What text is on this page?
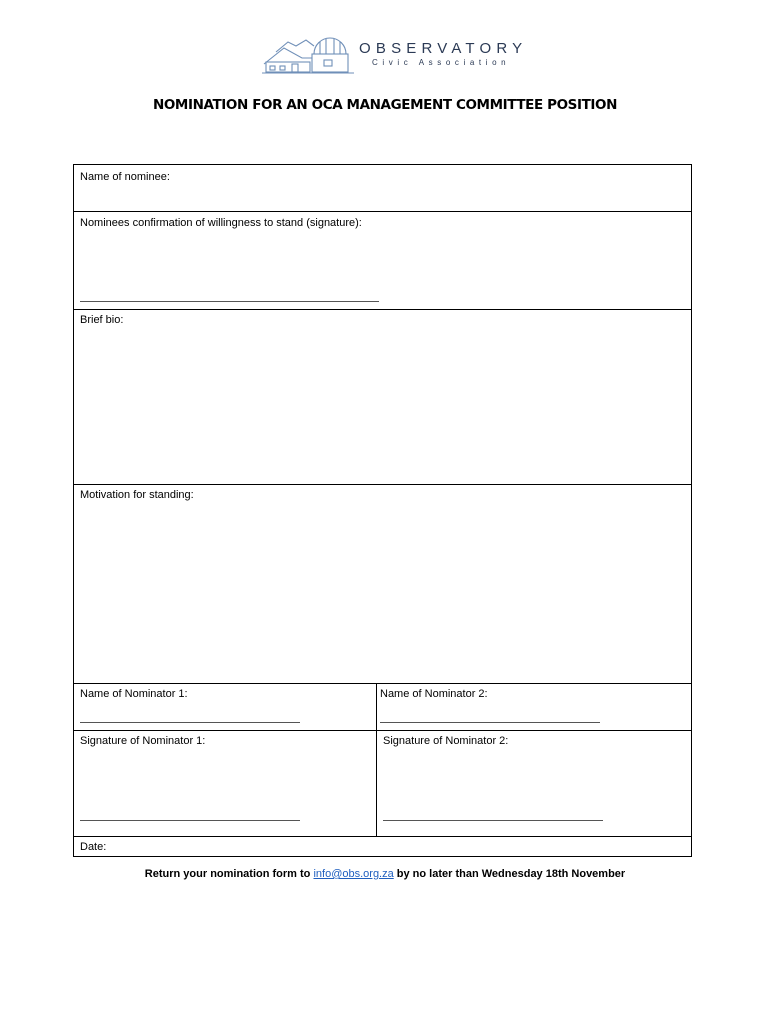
OBSERVATORY
Civic Association
NOMINATION FOR AN OCA MANAGEMENT COMMITTEE POSITION
Name of nominee:
Nominees confirmation of willingness to stand (signature):
Brief bio:
Motivation for standing:
Name of Nominator 1:	Name of Nominator 2:
Signature of Nominator 1:	Signature of Nominator 2:
Date:
Return your nomination form to info@obs.org.za by no later than Wednesday 18th November
